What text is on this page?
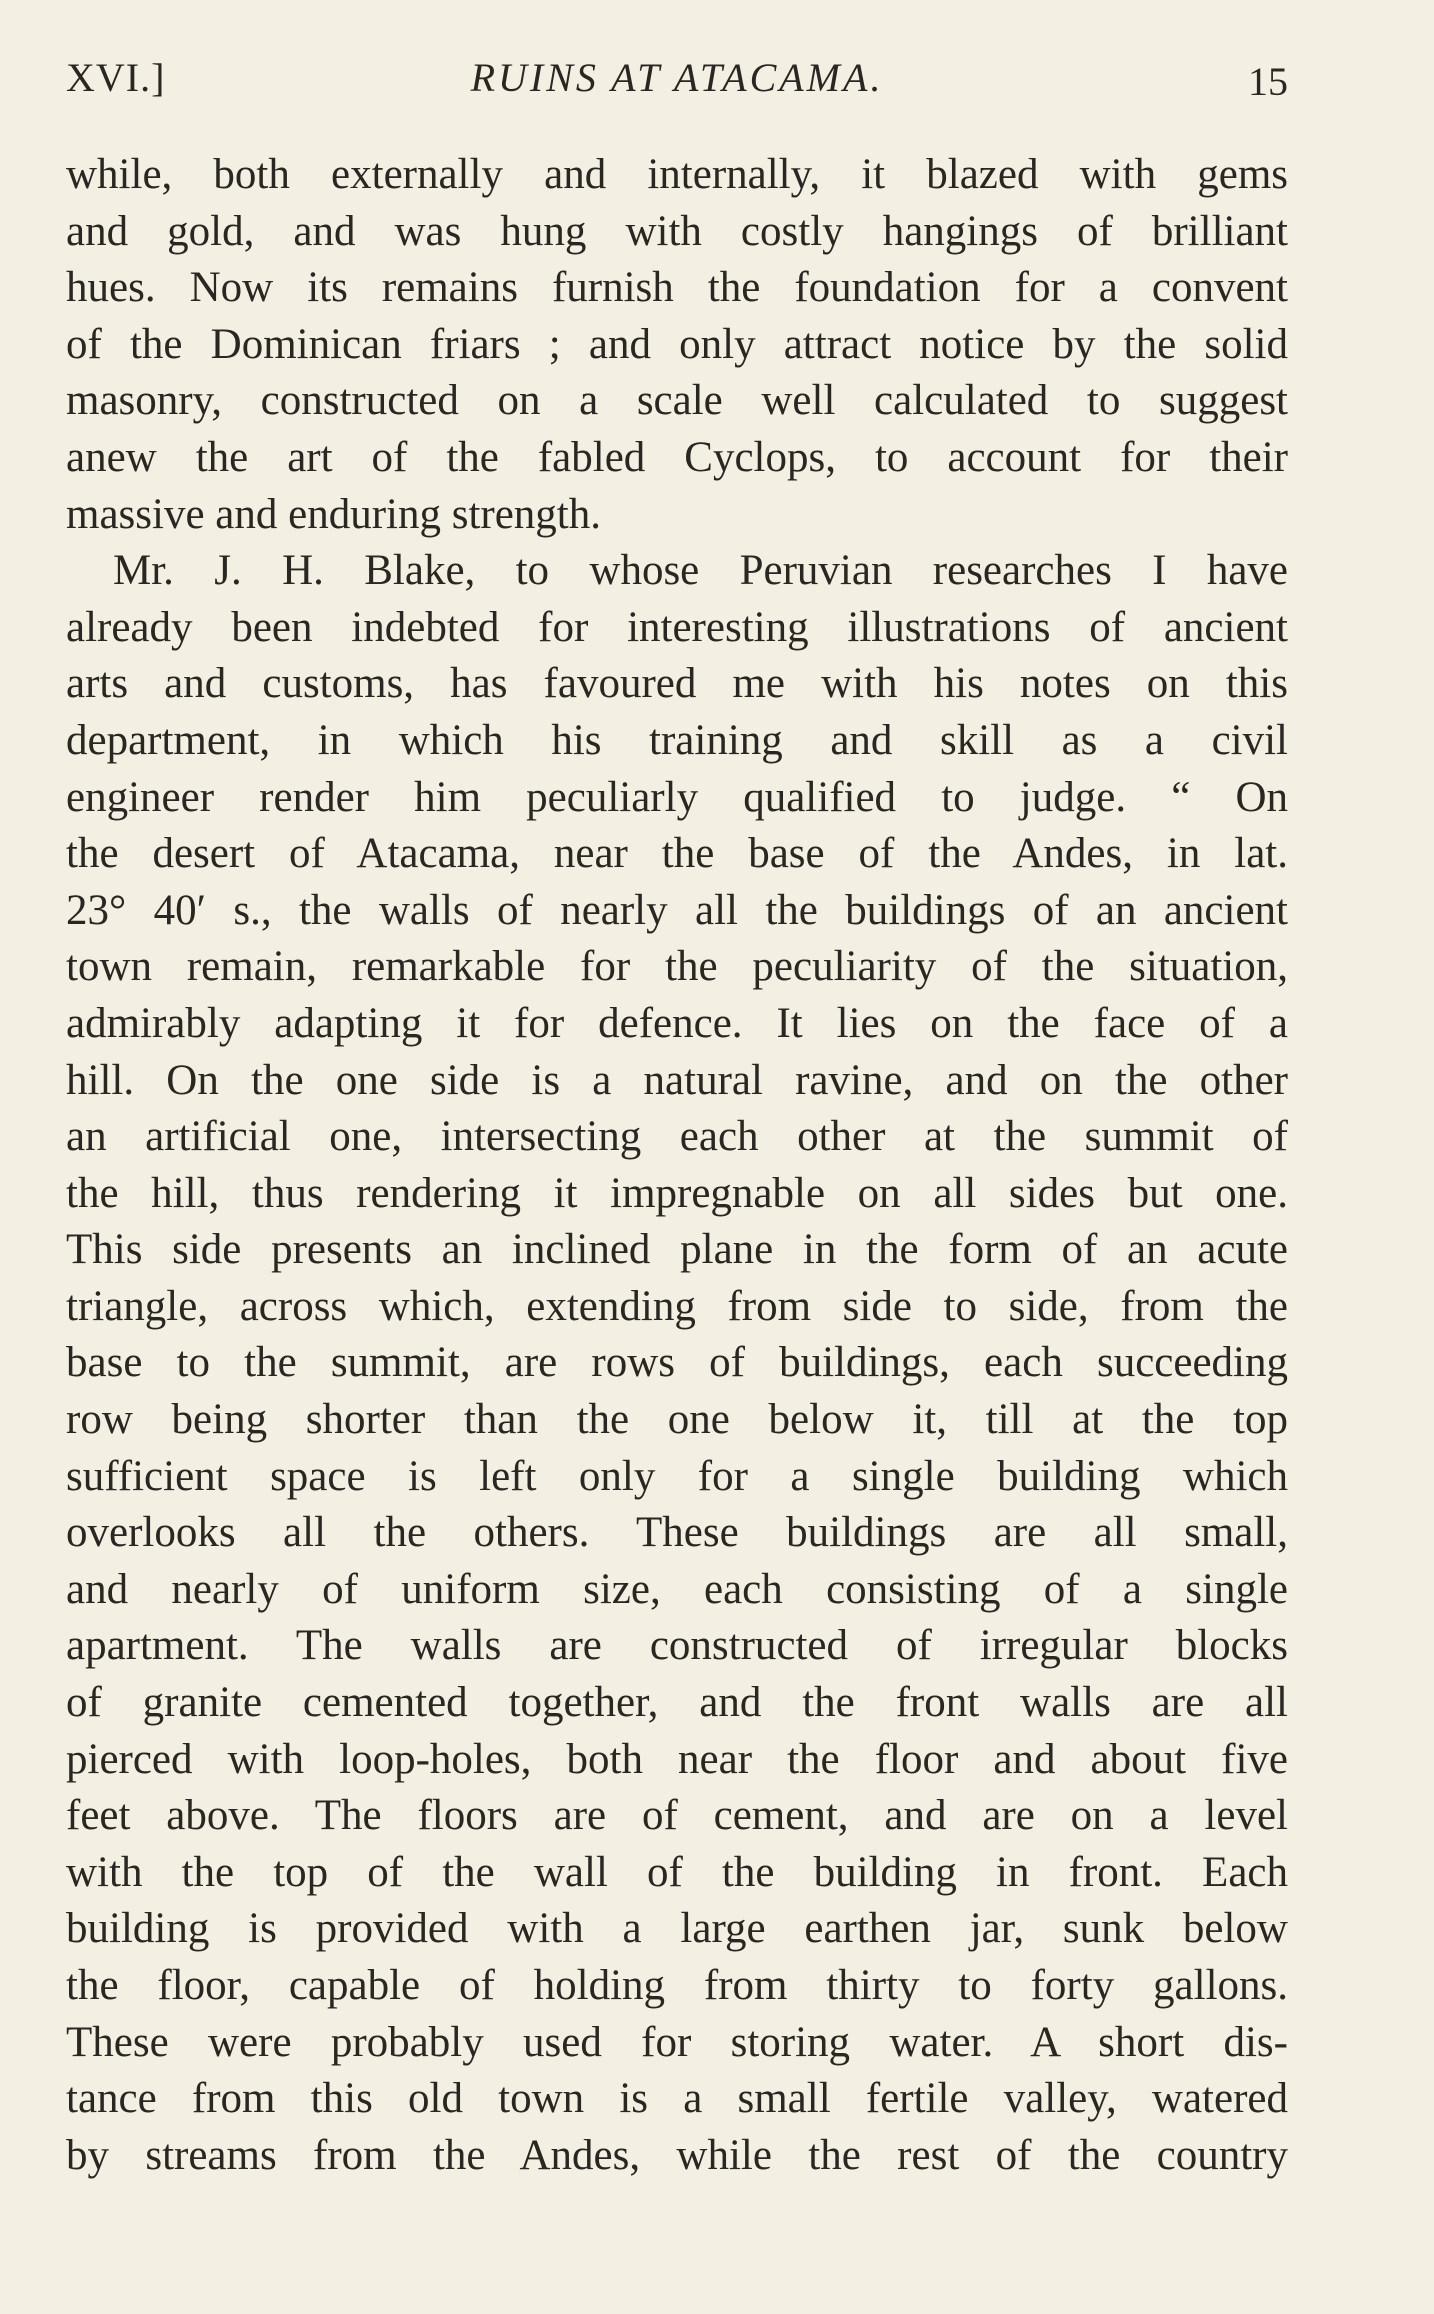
XVI.]	RUINS AT ATACAMA.	15
while, both externally and internally, it blazed with gems
and gold, and was hung with costly hangings of brilliant
hues. Now its remains furnish the foundation for a convent
of the Dominican friars ; and only attract notice by the solid
masonry, constructed on a scale well calculated to suggest
anew the art of the fabled Cyclops, to account for their
massive and enduring strength.
Mr. J. H. Blake, to whose Peruvian researches I have
already been indebted for interesting illustrations of ancient
arts and customs, has favoured me with his notes on this
department, in which his training and skill as a civil
engineer render him peculiarly qualified to judge. “ On
the desert of Atacama, near the base of the Andes, in lat.
23° 40′ s., the walls of nearly all the buildings of an ancient
town remain, remarkable for the peculiarity of the situation,
admirably adapting it for defence. It lies on the face of a
hill. On the one side is a natural ravine, and on the other
an artificial one, intersecting each other at the summit of
the hill, thus rendering it impregnable on all sides but one.
This side presents an inclined plane in the form of an acute
triangle, across which, extending from side to side, from the
base to the summit, are rows of buildings, each succeeding
row being shorter than the one below it, till at the top
sufficient space is left only for a single building which
overlooks all the others. These buildings are all small,
and nearly of uniform size, each consisting of a single
apartment. The walls are constructed of irregular blocks
of granite cemented together, and the front walls are all
pierced with loop-holes, both near the floor and about five
feet above. The floors are of cement, and are on a level
with the top of the wall of the building in front. Each
building is provided with a large earthen jar, sunk below
the floor, capable of holding from thirty to forty gallons.
These were probably used for storing water. A short dis-
tance from this old town is a small fertile valley, watered
by streams from the Andes, while the rest of the country
